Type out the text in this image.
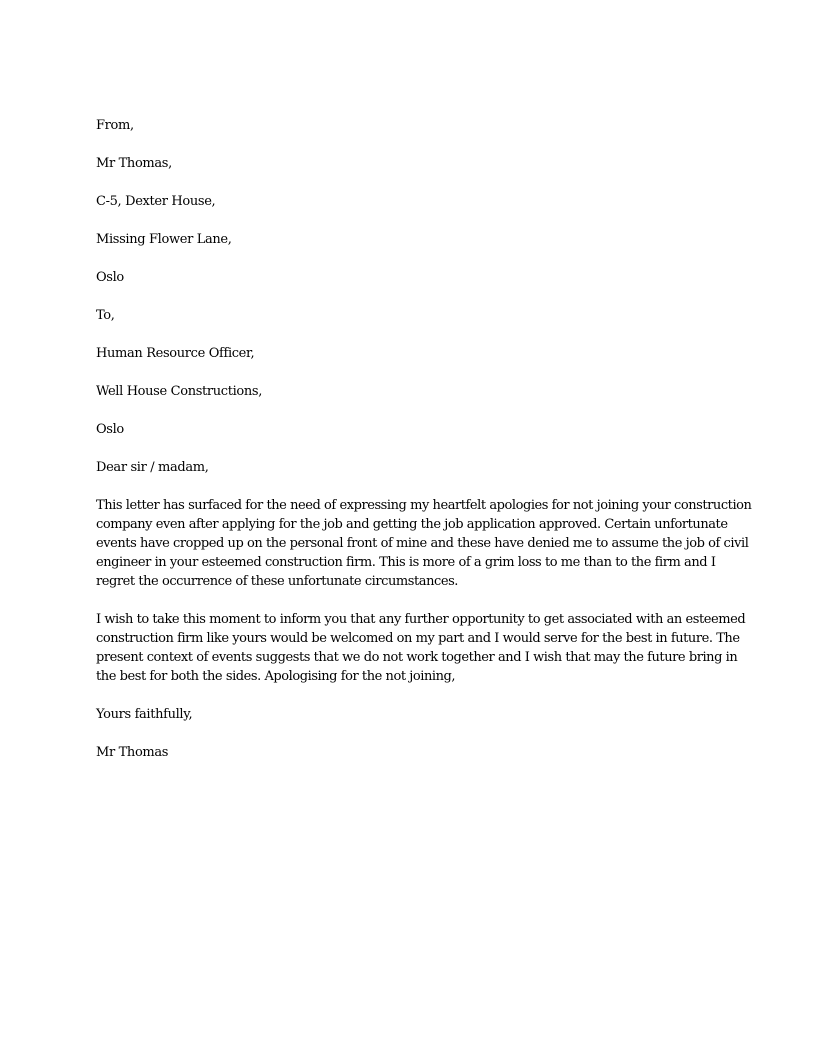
From,

Mr Thomas,

C-5, Dexter House,

Missing Flower Lane,

Oslo

To,

Human Resource Officer,

Well House Constructions,

Oslo

Dear sir / madam,

This letter has surfaced for the need of expressing my heartfelt apologies for not joining your construction
company even after applying for the job and getting the job application approved. Certain unfortunate
events have cropped up on the personal front of mine and these have denied me to assume the job of civil
engineer in your esteemed construction firm. This is more of a grim loss to me than to the firm and I
regret the occurrence of these unfortunate circumstances.

I wish to take this moment to inform you that any further opportunity to get associated with an esteemed
construction firm like yours would be welcomed on my part and I would serve for the best in future. The
present context of events suggests that we do not work together and I wish that may the future bring in
the best for both the sides. Apologising for the not joining,

Yours faithfully,

Mr Thomas
